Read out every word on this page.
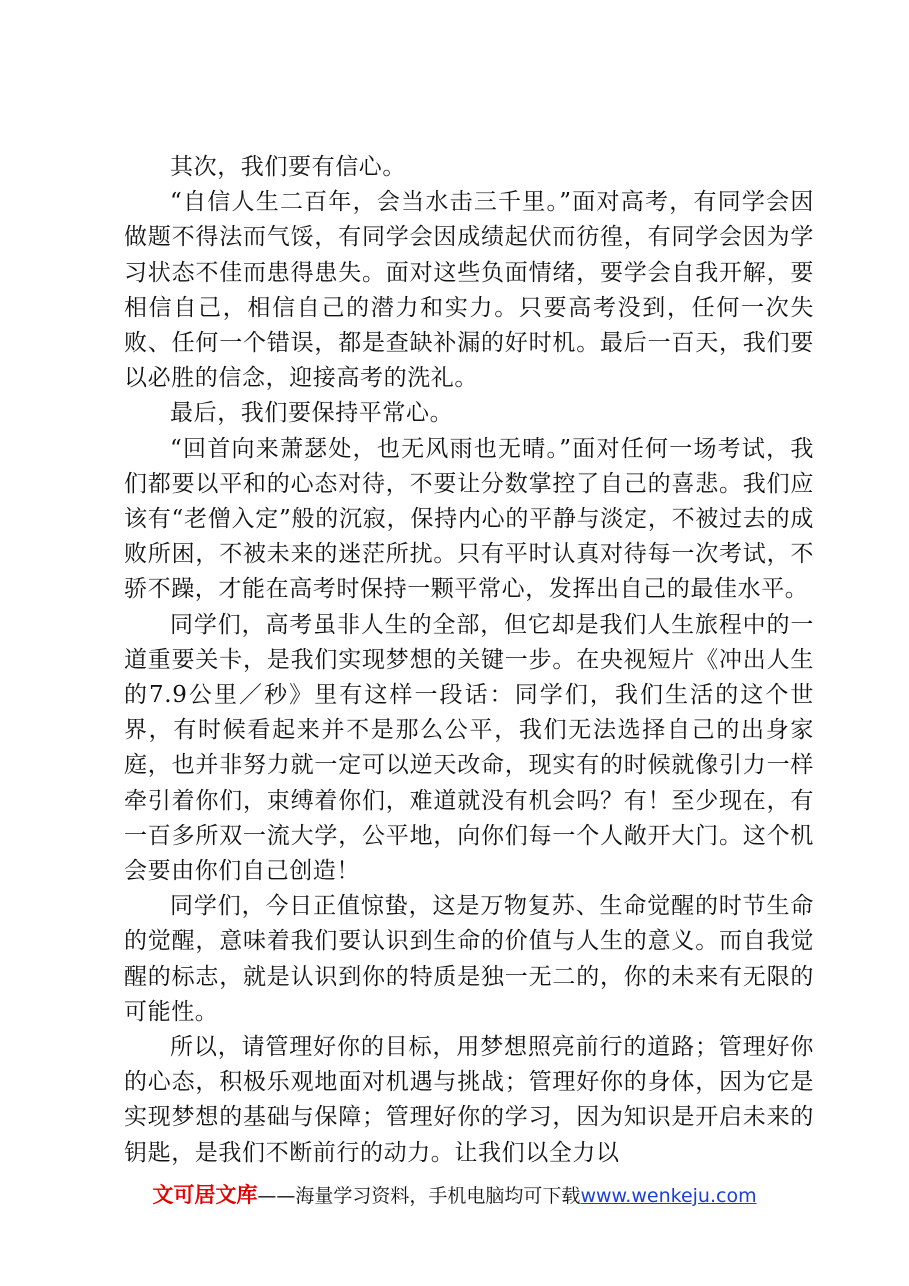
其次，我们要有信心。

“自信人生二百年，会当水击三千里。”面对高考，有同学会因做题不得法而气馁，有同学会因成绩起伏而彷徨，有同学会因为学习状态不佳而患得患失。面对这些负面情绪，要学会自我开解，要相信自己，相信自己的潜力和实力。只要高考没到，任何一次失败、任何一个错误，都是查缺补漏的好时机。最后一百天，我们要以必胜的信念，迎接高考的洗礼。

最后，我们要保持平常心。

“回首向来萧瑟处，也无风雨也无晴。”面对任何一场考试，我们都要以平和的心态对待，不要让分数掌控了自己的喜悲。我们应该有“老僧入定”般的沉寂，保持内心的平静与淡定，不被过去的成败所困，不被未来的迷茫所扰。只有平时认真对待每一次考试，不骄不躁，才能在高考时保持一颗平常心，发挥出自己的最佳水平。

同学们，高考虽非人生的全部，但它却是我们人生旅程中的一道重要关卡，是我们实现梦想的关键一步。在央视短片《冲出人生的7.9公里／秒》里有这样一段话：同学们，我们生活的这个世界，有时候看起来并不是那么公平，我们无法选择自己的出身家庭，也并非努力就一定可以逆天改命，现实有的时候就像引力一样牵引着你们，束缚着你们，难道就没有机会吗？有！至少现在，有一百多所双一流大学，公平地，向你们每一个人敞开大门。这个机会要由你们自己创造！

同学们，今日正值惊蛰，这是万物复苏、生命觉醒的时节生命的觉醒，意味着我们要认识到生命的价值与人生的意义。而自我觉醒的标志，就是认识到你的特质是独一无二的，你的未来有无限的可能性。

所以，请管理好你的目标，用梦想照亮前行的道路；管理好你的心态，积极乐观地面对机遇与挑战；管理好你的身体，因为它是实现梦想的基础与保障；管理好你的学习，因为知识是开启未来的钥匙，是我们不断前行的动力。让我们以全力以

文可居文库——海量学习资料，手机电脑均可下载www.wenkeju.com
